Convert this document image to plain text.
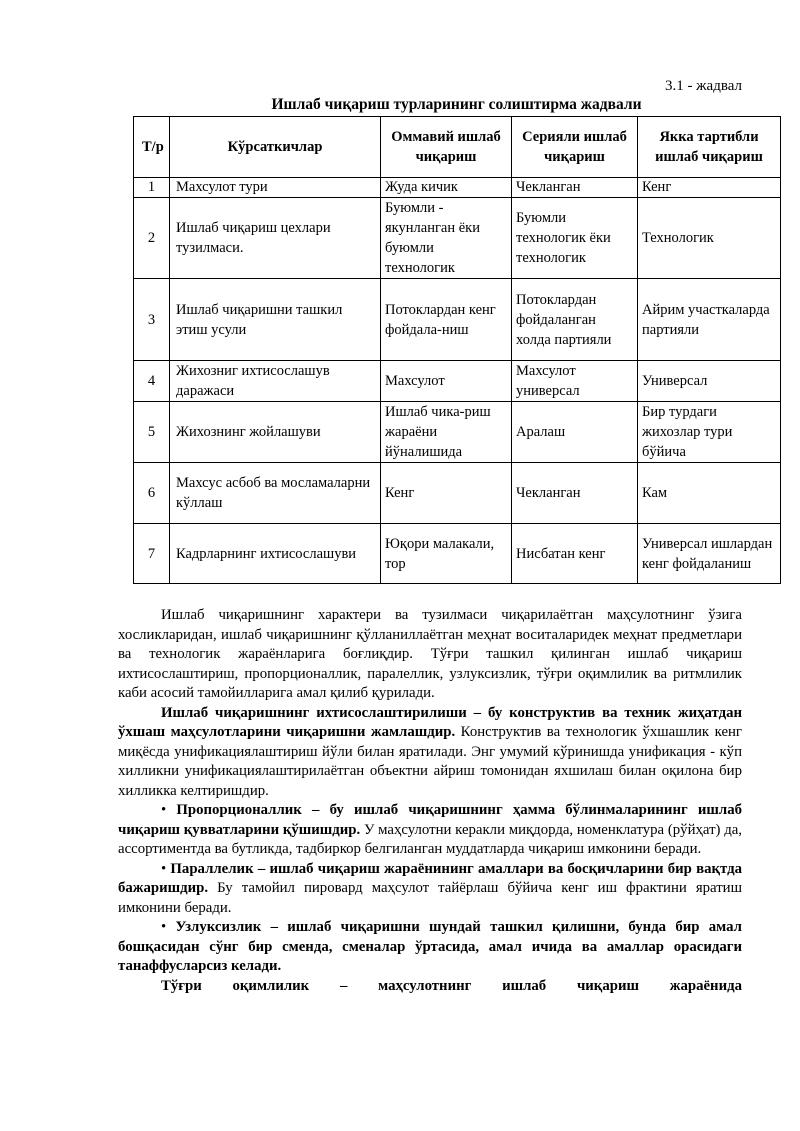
3.1 - жадвал
Ишлаб чиқариш турларининг солиштирма жадвали
Т/р	Кўрсаткичлар	Оммавий ишлаб чиқариш	Серияли ишлаб чиқариш	Якка тартибли ишлаб чиқариш
1	Махсулот тури	Жуда кичик	Чекланган	Кенг
2	Ишлаб чиқариш цехлари тузилмаси.	Буюмли - якунланган ёки буюмли технологик	Буюмли технологик ёки технологик	Технологик
3	Ишлаб чиқаришни ташкил этиш усули	Потоклардан кенг фойдала-ниш	Потоклардан фойдаланган холда партияли	Айрим участкаларда партияли
4	Жихозниг ихтисослашув даражаси	Махсулот	Махсулот универсал	Универсал
5	Жихознинг жойлашуви	Ишлаб чика-риш жараёни йўналишида	Аралаш	Бир турдаги жихозлар тури бўйича
6	Махсус асбоб ва мосламаларни кўллаш	Кенг	Чекланган	Кам
7	Кадрларнинг ихтисослашуви	Юқори малакали, тор	Нисбатан кенг	Универсал ишлардан кенг фойдаланиш

Ишлаб чиқаришнинг характери ва тузилмаси чиқарилаётган маҳсулотнинг ўзига хосликларидан, ишлаб чиқаришнинг қўлланиллаётган меҳнат воситаларидек меҳнат предметлари ва технологик жараёнларига боғлиқдир. Тўғри ташкил қилинган ишлаб чиқариш ихтисослаштириш, пропорционаллик, паралеллик, узлуксизлик, тўғри оқимлилик ва ритмлилик каби асосий тамойилларига амал қилиб қурилади.

Ишлаб чиқаришнинг ихтисослаштирилиши – бу конструктив ва техник жиҳатдан ўхшаш маҳсулотларини чиқаришни жамлашдир. Конструктив ва технологик ўхшашлик кенг миқёсда унификациялаштириш йўли билан яратилади. Энг умумий кўринишда унификация - кўп хилликни унификациялаштирилаётган объектни айриш томонидан яхшилаш билан оқилона бир хилликка келтиришдир.

• Пропорционаллик – бу ишлаб чиқаришнинг ҳамма бўлинмаларининг ишлаб чиқариш қувватларини қўшишдир. У маҳсулотни керакли миқдорда, номенклатура (рўйҳат) да, ассортиментда ва бутликда, тадбиркор белгиланган муддатларда чиқариш имконини беради.

• Параллелик – ишлаб чиқариш жараёнининг амаллари ва босқичларини бир вақтда бажаришдир. Бу тамойил пировард маҳсулот тайёрлаш бўйича кенг иш фрактини яратиш имконини беради.

• Узлуксизлик – ишлаб чиқаришни шундай ташкил қилишни, бунда бир амал бошқасидан сўнг бир сменда, сменалар ўртасида, амал ичида ва амаллар орасидаги танаффусларсиз келади.

Тўғри оқимлилик – маҳсулотнинг ишлаб чиқариш жараёнида
